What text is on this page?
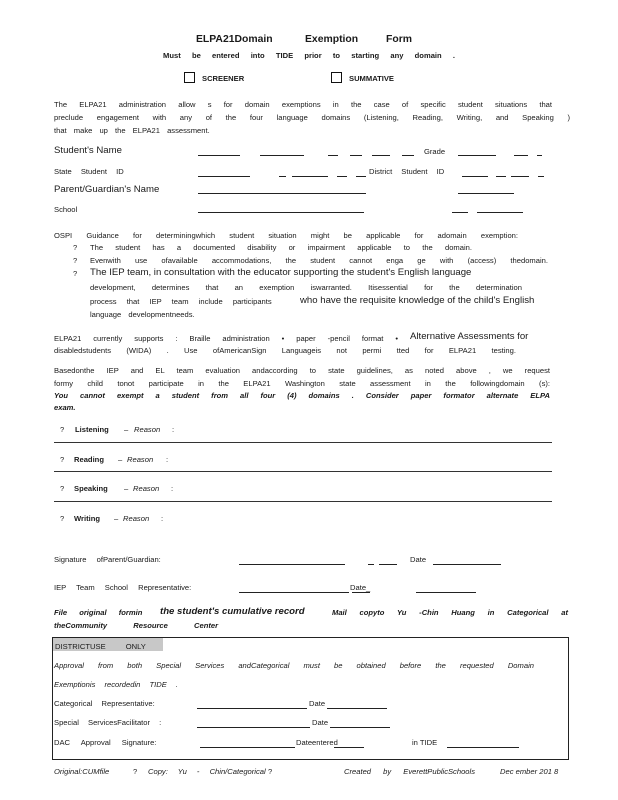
ELPA21Domain	Exemption	Form
Must be entered into TIDE prior to starting any domain .
SCREENER	SUMMATIVE
The ELPA21 administration allow s for domain exemptions in the case of specific student situations that
preclude engagement with any of the four language domains (Listening, Reading, Writing, and Speaking )
that make up the ELPA21 assessment.
Student's Name	Grade
State Student ID	District Student ID
Parent/Guardian's Name
School
OSPI Guidance for determiningwhich student situation might be applicable for adomain exemption:
? The student has a documented disability or impairment applicable to the domain.
? Evenwith use ofavailable accommodations, the student cannot enga ge with (access) thedomain.
? The IEP team, in consultation with the educator supporting the student's English language
development, determines that an exemption iswarranted. Itisessential for the determination
process that IEP team include participants	who have the requisite knowledge of the child's English
language developmentneeds.
ELPA21 currently supports : Braille administration • paper -pencil format • Alternative Assessments for
disabledstudents (WIDA) . Use ofAmericanSign Languageis not permi tted for ELPA21 testing.
Basedonthe IEP and EL team evaluation andaccording to state guidelines, as noted above , we request
formy child tonot participate in the ELPA21 Washington state assessment in the followingdomain (s):
You cannot exempt a student from all four (4) domains . Consider paper formator alternate ELPA
exam.
? Listening – Reason :
? Reading – Reason :
? Speaking – Reason :
? Writing – Reason :
Signature ofParent/Guardian:	Date
IEP Team School Representative:	Date_
File original formin the student's cumulative record	Mail copyto Yu -Chin Huang in Categorical at
theCommunity Resource Center
DISTRICTUSE ONLY
Approval from both Special Services andCategorical must be obtained before the requested Domain
Exemptionis recordedin TIDE .
Categorical Representative:	Date
Special ServicesFacilitator :	Date
DAC Approval Signature:	Dateentered	in TIDE
Original:CUMfile	? Copy: Yu - Chin/Categorical ?	Created by EverettPublicSchools	Dec ember 201 8
